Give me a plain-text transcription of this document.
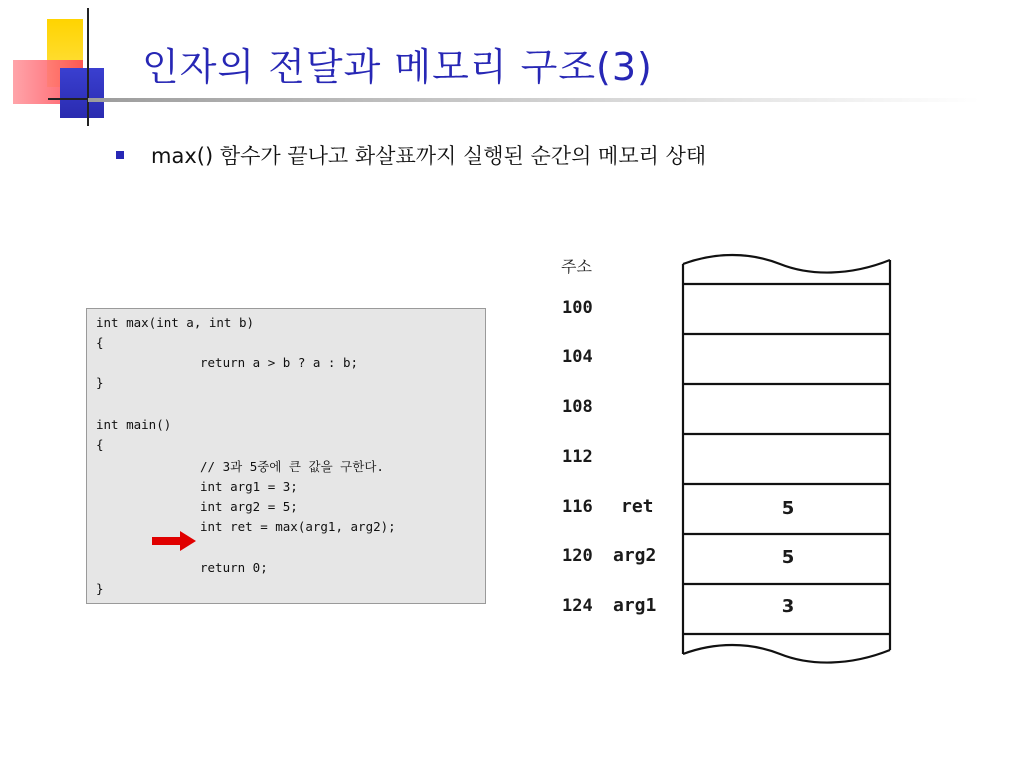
인자의 전달과 메모리 구조(3)
max() 함수가 끝나고 화살표까지 실행된 순간의 메모리 상태
int max(int a, int b)
{
return a > b ? a : b;
}
int main()
{
// 3과 5중에 큰 값을 구한다.
int arg1 = 3;
int arg2 = 5;
int ret = max(arg1, arg2);
return 0;
}
주소
100
104
108
112
116
120
124
ret
arg2
arg1
5
5
3
